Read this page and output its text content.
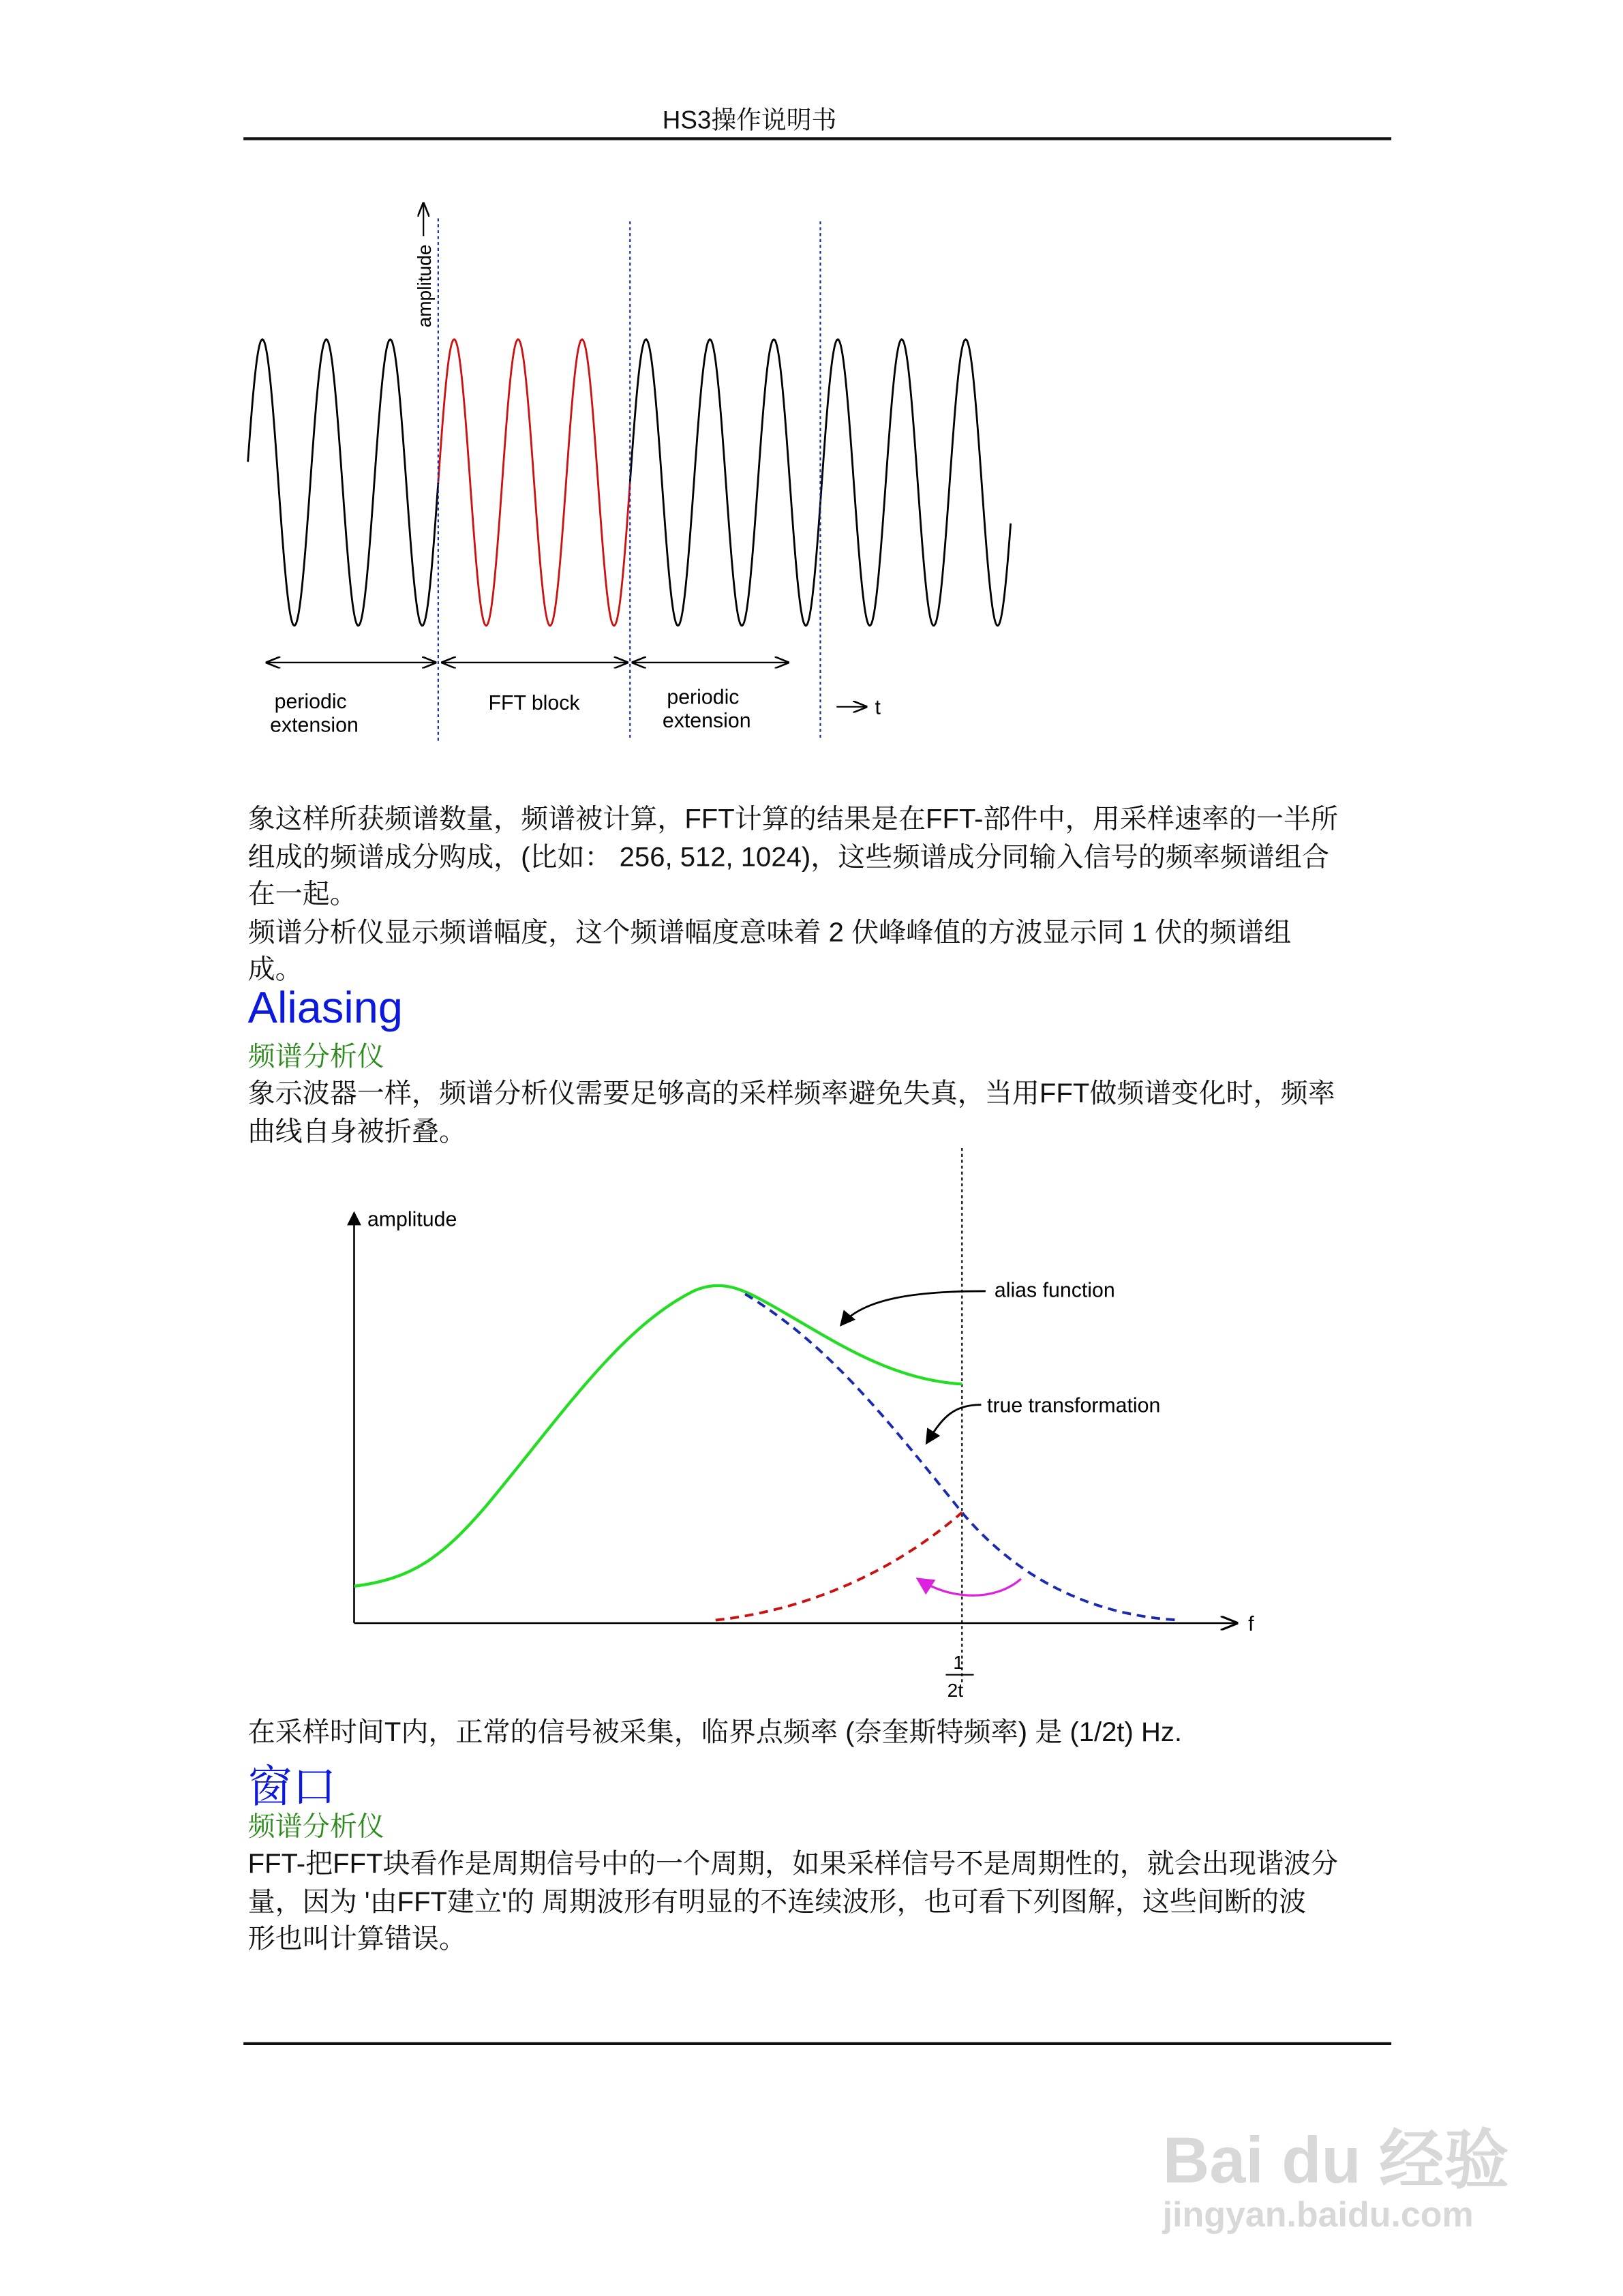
HS3操作说明书
amplitude
periodic
extension
FFT block	periodic
extension
t
amplitude
f
1
2t
alias function
true transformation
象这样所获频谱数量，频谱被计算，FFT计算的结果是在FFT-部件中，用采样速率的一半所
组成的频谱成分购成，(比如： 256, 512, 1024)，这些频谱成分同输入信号的频率频谱组合
在一起。
频谱分析仪显示频谱幅度，这个频谱幅度意味着 2 伏峰峰值的方波显示同 1 伏的频谱组
成。
Aliasing
频谱分析仪
象示波器一样，频谱分析仪需要足够高的采样频率避免失真，当用FFT做频谱变化时，频率
曲线自身被折叠。
在采样时间T内，正常的信号被采集，临界点频率 (奈奎斯特频率) 是 (1/2t) Hz.
窗口
频谱分析仪
FFT-把FFT块看作是周期信号中的一个周期，如果采样信号不是周期性的，就会出现谐波分
量，因为 '由FFT建立'的 周期波形有明显的不连续波形，也可看下列图解，这些间断的波
形也叫计算错误。
Bai du 经验
jingyan.baidu.com
